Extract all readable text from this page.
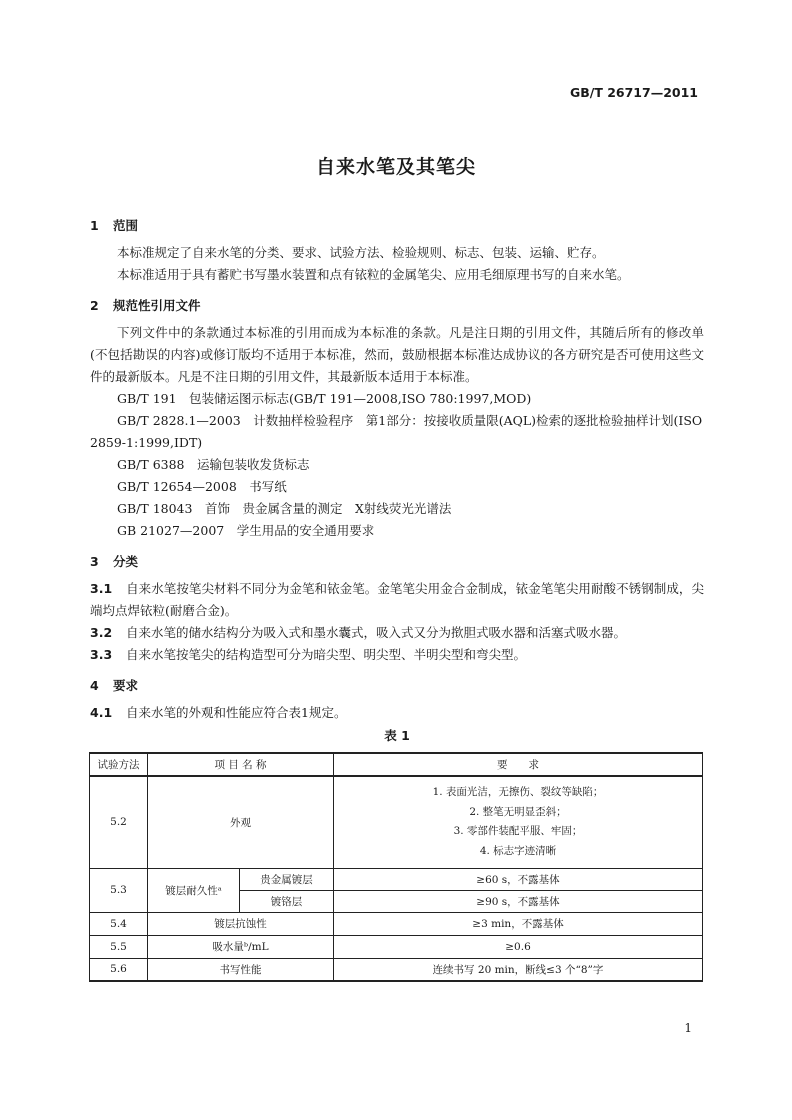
GB/T 26717—2011
自来水笔及其笔尖
1 范围

本标准规定了自来水笔的分类、要求、试验方法、检验规则、标志、包装、运输、贮存。

本标准适用于具有蓄贮书写墨水装置和点有铱粒的金属笔尖、应用毛细原理书写的自来水笔。

2 规范性引用文件

下列文件中的条款通过本标准的引用而成为本标准的条款。凡是注日期的引用文件，其随后所有的修改单(不包括勘误的内容)或修订版均不适用于本标准，然而，鼓励根据本标准达成协议的各方研究是否可使用这些文件的最新版本。凡是不注日期的引用文件，其最新版本适用于本标准。

GB/T 191　包装储运图示标志(GB/T 191—2008,ISO 780:1997,MOD)

GB/T 2828.1—2003　计数抽样检验程序　第1部分：按接收质量限(AQL)检索的逐批检验抽样计划(ISO 2859-1:1999,IDT)

GB/T 6388　运输包装收发货标志

GB/T 12654—2008　书写纸

GB/T 18043　首饰　贵金属含量的测定　X射线荧光光谱法

GB 21027—2007　学生用品的安全通用要求

3 分类

3.1 自来水笔按笔尖材料不同分为金笔和铱金笔。金笔笔尖用金合金制成，铱金笔笔尖用耐酸不锈钢制成，尖端均点焊铱粒(耐磨合金)。

3.2 自来水笔的储水结构分为吸入式和墨水囊式，吸入式又分为揿胆式吸水器和活塞式吸水器。

3.3 自来水笔按笔尖的结构造型可分为暗尖型、明尖型、半明尖型和弯尖型。

4 要求

4.1 自来水笔的外观和性能应符合表1规定。

表 1
试验方法	项 目 名 称		要　　求
5.2	外观		1. 表面光洁，无擦伤、裂纹等缺陷；
2. 整笔无明显歪斜；
3. 零部件装配平服、牢固；
4. 标志字迹清晰

5.3	镀层耐久性ᵃ	贵金属镀层	≥60 s，不露基体
		镀铬层	≥90 s，不露基体
5.4	镀层抗蚀性		≥3 min，不露基体
5.5	吸水量ᵇ/mL		≥0.6
5.6	书写性能		连续书写 20 min，断线≤3 个“8”字
1
